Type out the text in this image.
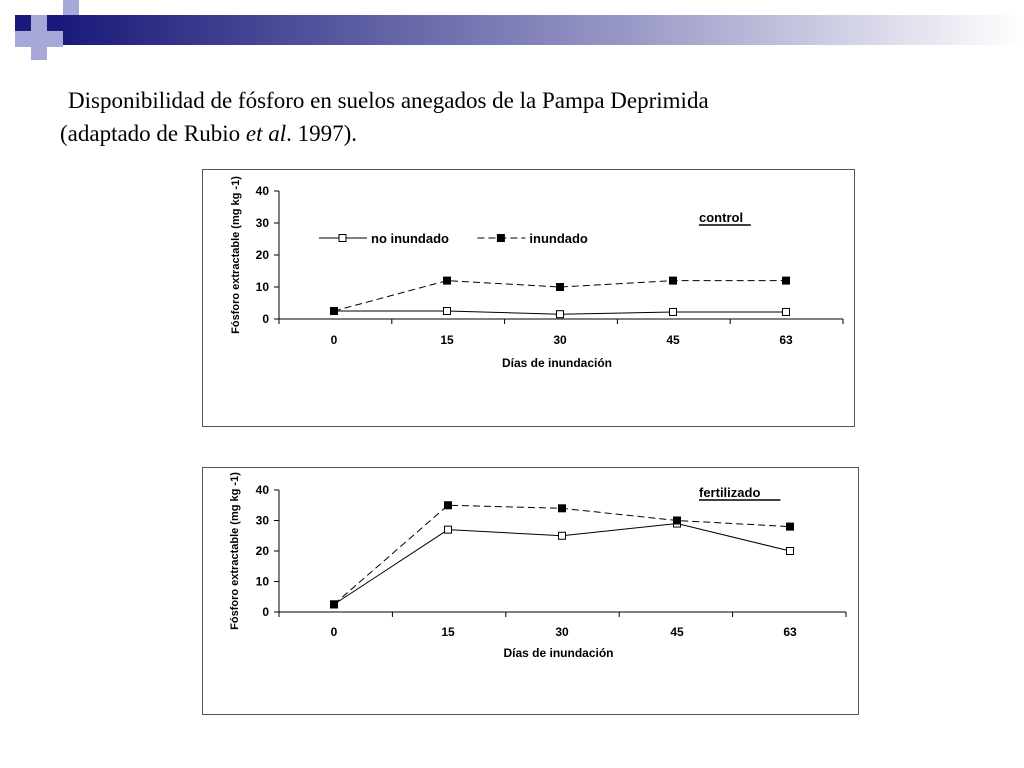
Disponibilidad de fósforo en suelos anegados de la Pampa Deprimida
(adaptado de Rubio et al. 1997).
0
10
20
30
40
0	15	30	45	63
Días de inundación
Fósforo extractable (mg kg -1)	control
no inundado	inundado
0
10
20
30
40
0	15	30	45	63
Días de inundación
Fósforo extractable (mg kg -1)	fertilizado
